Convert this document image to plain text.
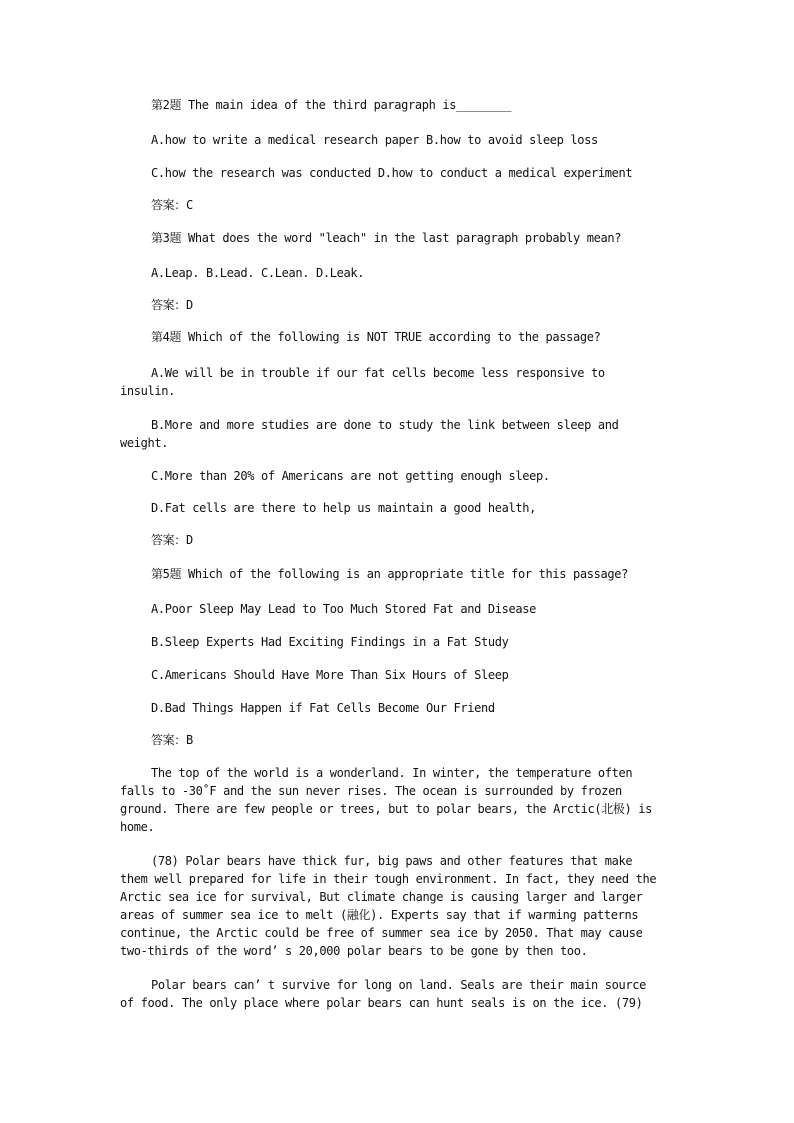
第2题 The main idea of the third paragraph is________
A.how to write a medical research paper B.how to avoid sleep loss
C.how the research was conducted D.how to conduct a medical experiment
答案：C
第3题 What does the word "leach" in the last paragraph probably mean?
A.Leap. B.Lead. C.Lean. D.Leak.
答案：D
第4题 Which of the following is NOT TRUE according to the passage?
A.We will be in trouble if our fat cells become less responsive to
insulin.
B.More and more studies are done to study the link between sleep and
weight.
C.More than 20% of Americans are not getting enough sleep.
D.Fat cells are there to help us maintain a good health,
答案：D
第5题 Which of the following is an appropriate title for this passage?
A.Poor Sleep May Lead to Too Much Stored Fat and Disease
B.Sleep Experts Had Exciting Findings in a Fat Study
C.Americans Should Have More Than Six Hours of Sleep
D.Bad Things Happen if Fat Cells Become Our Friend
答案：B
The top of the world is a wonderland. In winter, the temperature often
falls to -30˚F and the sun never rises. The ocean is surrounded by frozen
ground. There are few people or trees, but to polar bears, the Arctic(北极) is
home.
(78) Polar bears have thick fur, big paws and other features that make
them well prepared for life in their tough environment. In fact, they need the
Arctic sea ice for survival, But climate change is causing larger and larger
areas of summer sea ice to melt (融化). Experts say that if warming patterns
continue, the Arctic could be free of summer sea ice by 2050. That may cause
two-thirds of the word’ s 20,000 polar bears to be gone by then too.
Polar bears can’ t survive for long on land. Seals are their main source
of food. The only place where polar bears can hunt seals is on the ice. (79)
